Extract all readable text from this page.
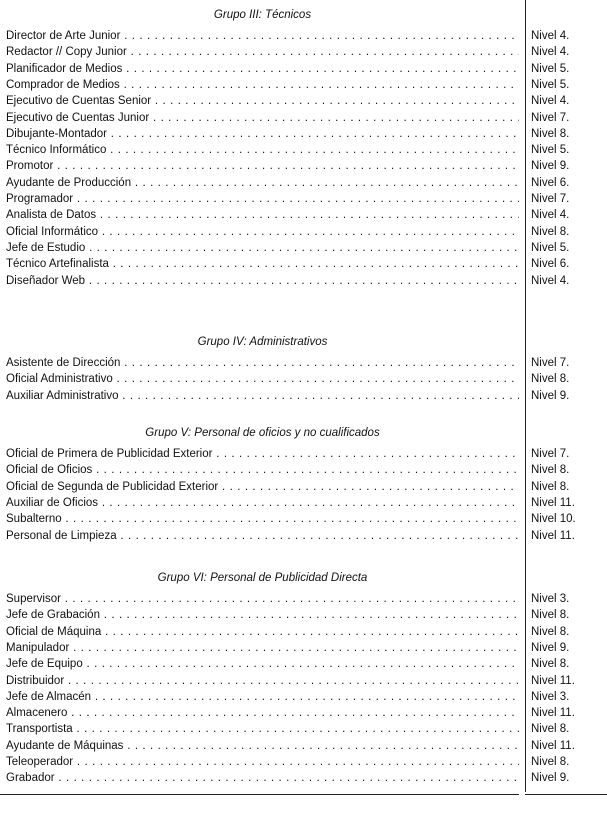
Grupo III: Técnicos
Director de Arte Junior . . .	Nivel 4.
Redactor // Copy Junior . . .	Nivel 4.
Planificador de Medios . . .	Nivel 5.
Comprador de Medios . . .	Nivel 5.
Ejecutivo de Cuentas Senior . . .	Nivel 4.
Ejecutivo de Cuentas Junior . . .	Nivel 7.
Dibujante-Montador . . .	Nivel 8.
Técnico Informático . . .	Nivel 5.
Promotor . . .	Nivel 9.
Ayudante de Producción . . .	Nivel 6.
Programador . . .	Nivel 7.
Analista de Datos . . .	Nivel 4.
Oficial Informático . . .	Nivel 8.
Jefe de Estudio . . .	Nivel 5.
Técnico Artefinalista . . .	Nivel 6.
Diseñador Web . . .	Nivel 4.
Grupo IV: Administrativos
Asistente de Dirección . . .	Nivel 7.
Oficial Administrativo . . .	Nivel 8.
Auxiliar Administrativo . . .	Nivel 9.
Grupo V: Personal de oficios y no cualificados
Oficial de Primera de Publicidad Exterior . . .	Nivel 7.
Oficial de Oficios . . .	Nivel 8.
Oficial de Segunda de Publicidad Exterior . . .	Nivel 8.
Auxiliar de Oficios . . .	Nivel 11.
Subalterno . . .	Nivel 10.
Personal de Limpieza . . .	Nivel 11.
Grupo VI: Personal de Publicidad Directa
Supervisor . . .	Nivel 3.
Jefe de Grabación . . .	Nivel 8.
Oficial de Máquina . . .	Nivel 8.
Manipulador . . .	Nivel 9.
Jefe de Equipo . . .	Nivel 8.
Distribuidor . . .	Nivel 11.
Jefe de Almacén . . .	Nivel 3.
Almacenero . . .	Nivel 11.
Transportista . . .	Nivel 8.
Ayudante de Máquinas . . .	Nivel 11.
Teleoperador . . .	Nivel 8.
Grabador . . .	Nivel 9.
